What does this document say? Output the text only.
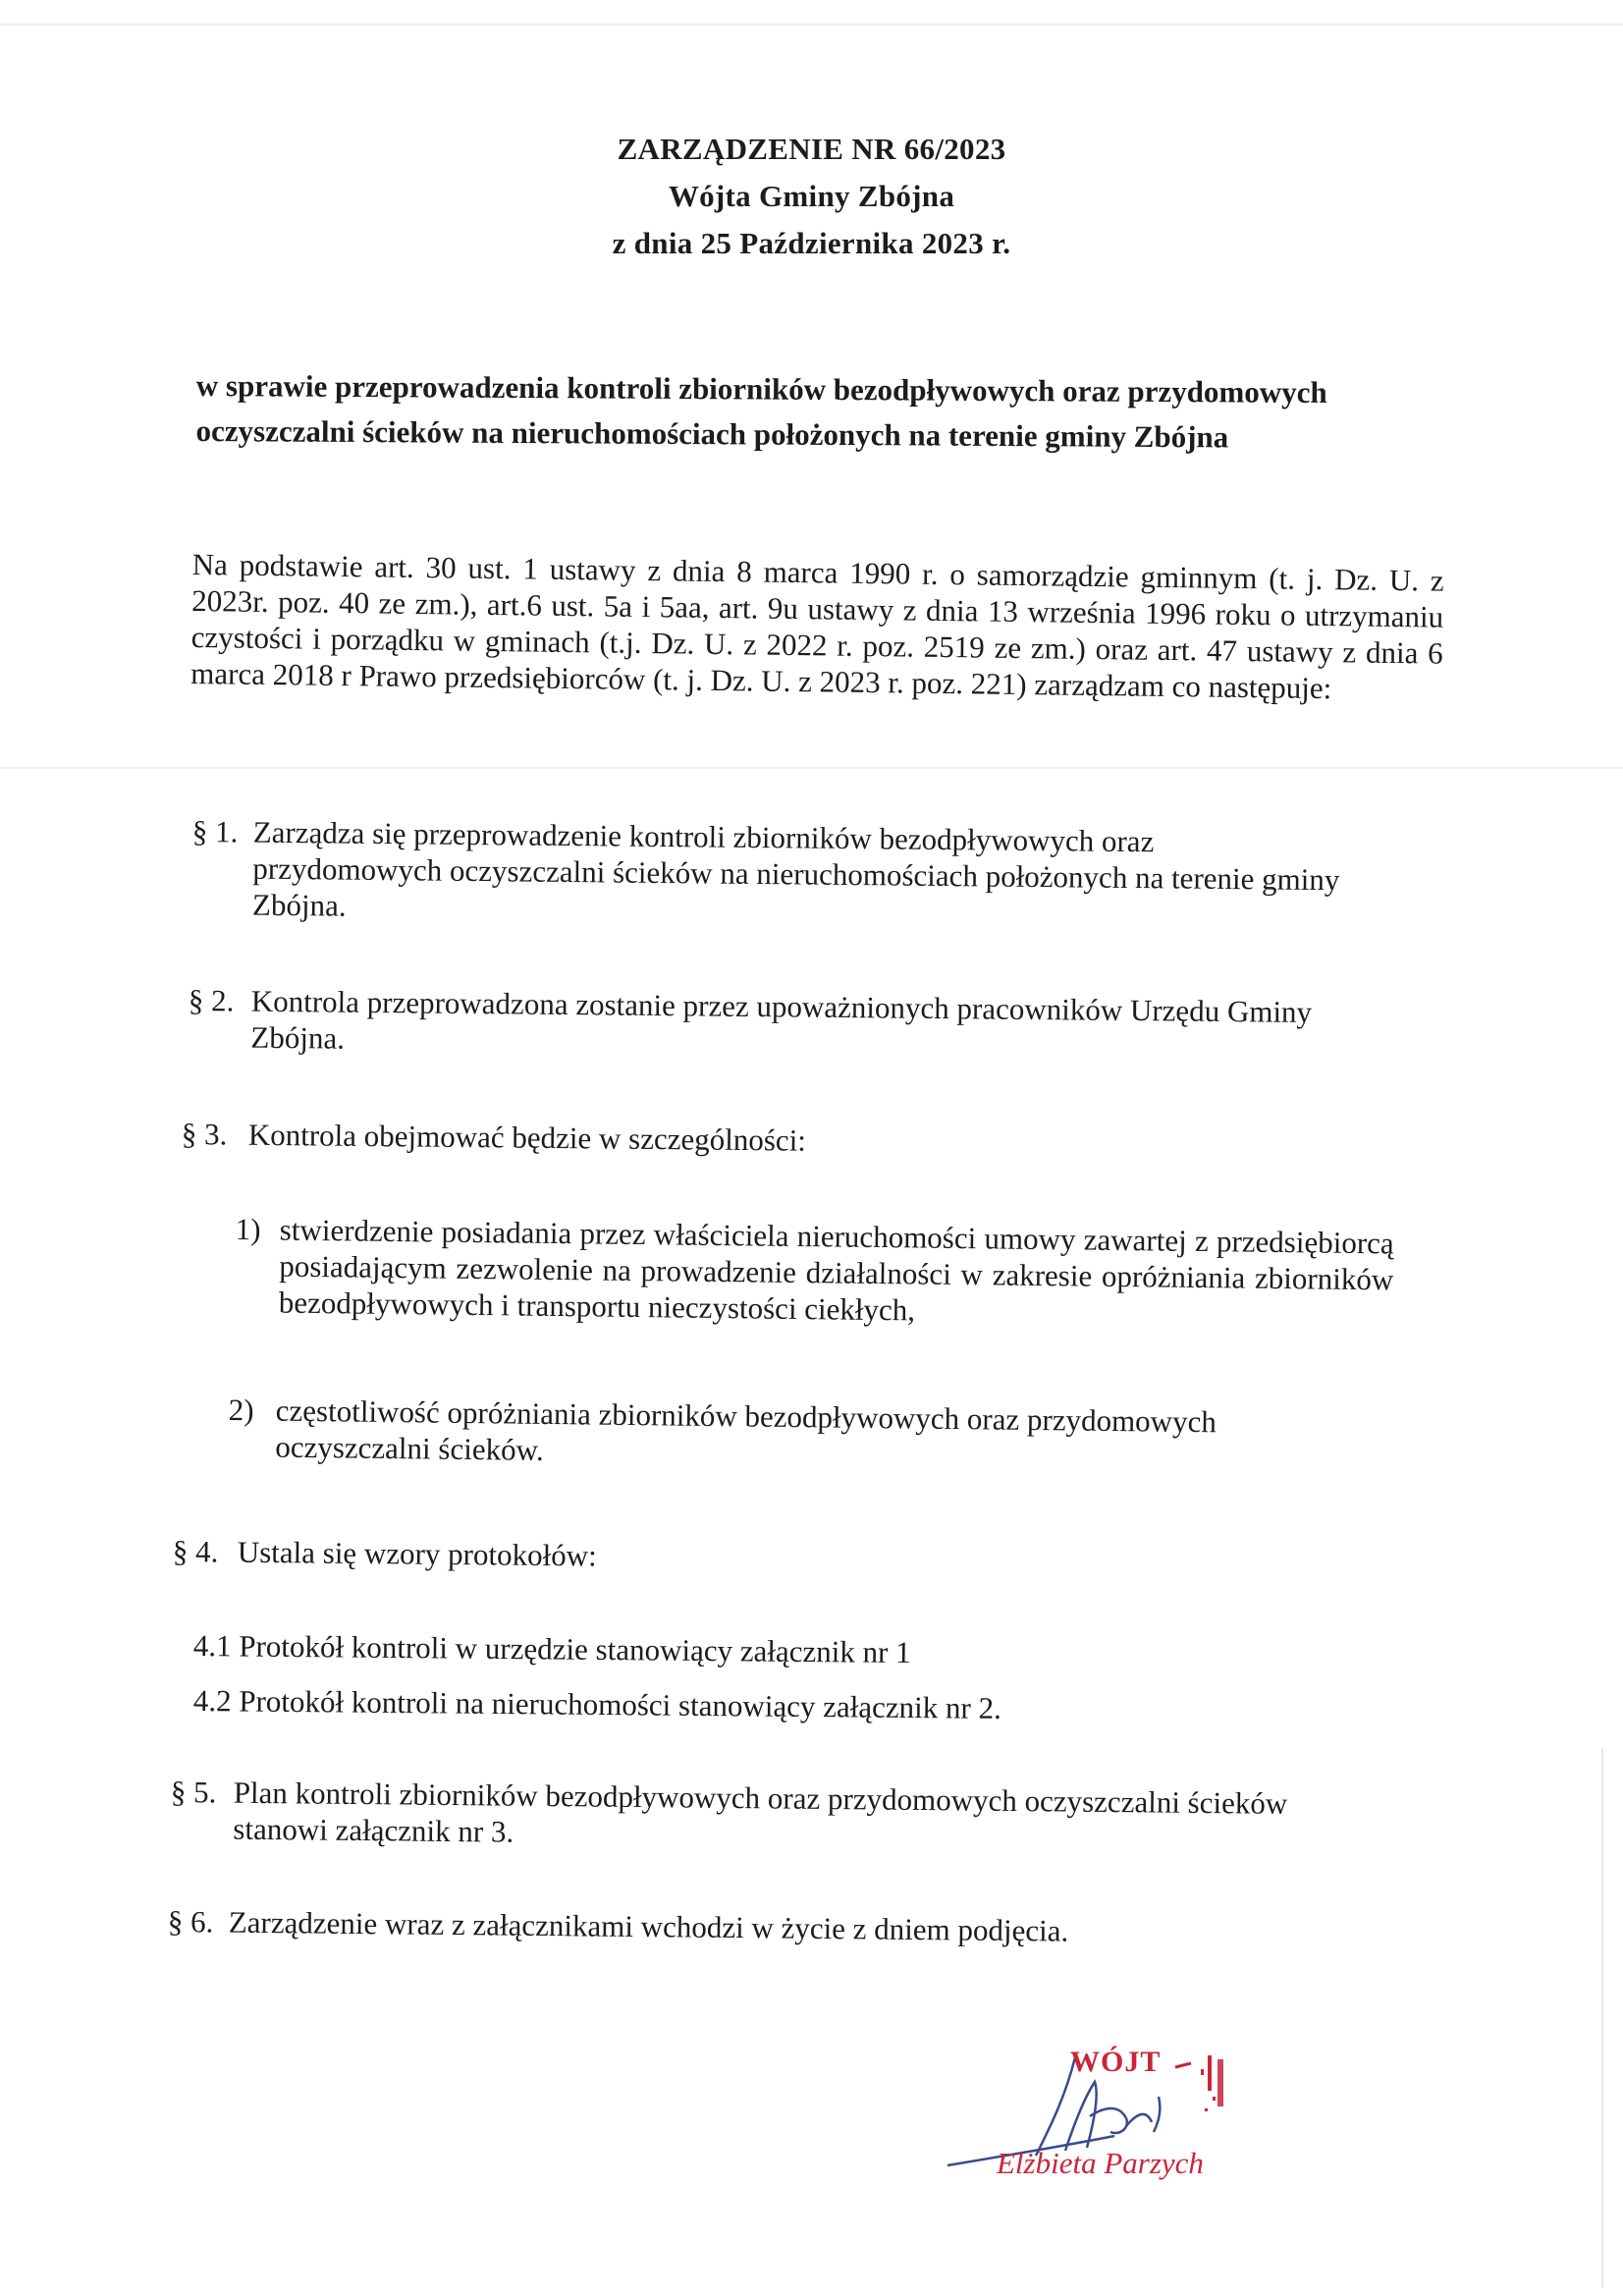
ZARZĄDZENIE NR 66/2023
Wójta Gminy Zbójna
z dnia 25 Października 2023 r.
w sprawie przeprowadzenia kontroli zbiorników bezodpływowych oraz przydomowych oczyszczalni ścieków na nieruchomościach położonych na terenie gminy Zbójna
Na podstawie art. 30 ust. 1 ustawy z dnia 8 marca 1990 r. o samorządzie gminnym (t. j. Dz. U. z 2023r. poz. 40 ze zm.), art.6 ust. 5a i 5aa, art. 9u ustawy z dnia 13 września 1996 roku o utrzymaniu czystości i porządku w gminach (t.j. Dz. U. z 2022 r. poz. 2519 ze zm.) oraz art. 47 ustawy z dnia 6 marca 2018 r Prawo przedsiębiorców (t. j. Dz. U. z 2023 r. poz. 221) zarządzam co następuje:
§ 1. Zarządza się przeprowadzenie kontroli zbiorników bezodpływowych oraz przydomowych oczyszczalni ścieków na nieruchomościach położonych na terenie gminy Zbójna.
§ 2. Kontrola przeprowadzona zostanie przez upoważnionych pracowników Urzędu Gminy Zbójna.
§ 3. Kontrola obejmować będzie w szczególności:
1) stwierdzenie posiadania przez właściciela nieruchomości umowy zawartej z przedsiębiorcą posiadającym zezwolenie na prowadzenie działalności w zakresie opróżniania zbiorników bezodpływowych i transportu nieczystości ciekłych,
2) częstotliwość opróżniania zbiorników bezodpływowych oraz przydomowych oczyszczalni ścieków.
§ 4. Ustala się wzory protokołów:
4.1 Protokół kontroli w urzędzie stanowiący załącznik nr 1
4.2 Protokół kontroli na nieruchomości stanowiący załącznik nr 2.
§ 5. Plan kontroli zbiorników bezodpływowych oraz przydomowych oczyszczalni ścieków   stanowi załącznik nr 3.
§ 6. Zarządzenie wraz z załącznikami wchodzi w życie z dniem podjęcia.
WÓJT
Elżbieta Parzych
